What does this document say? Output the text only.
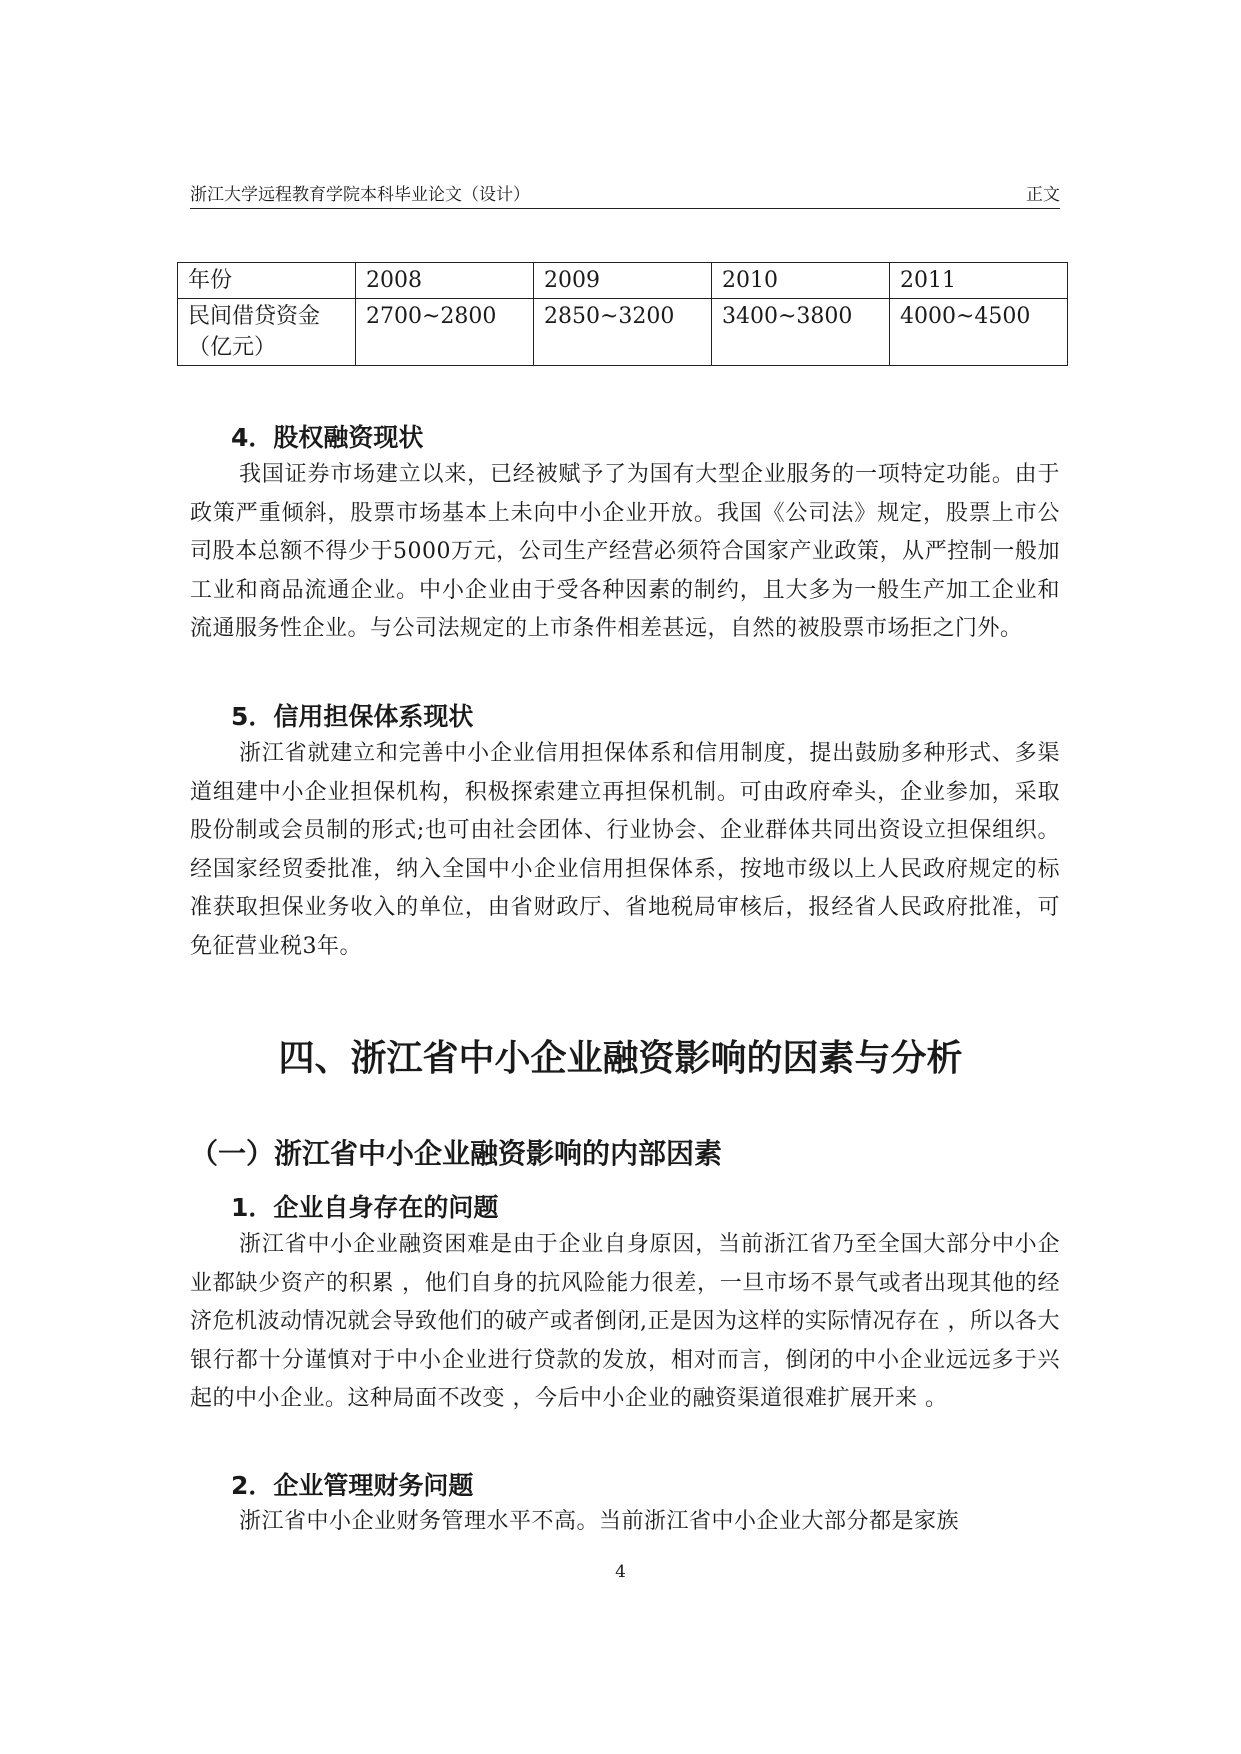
浙江大学远程教育学院本科毕业论文（设计）	正文
年份	2008	2009	2010	2011
民间借贷资金（亿元）	2700~2800	2850~3200	3400~3800	4000~4500
4．股权融资现状
我国证券市场建立以来，已经被赋予了为国有大型企业服务的一项特定功能。由于政策严重倾斜，股票市场基本上未向中小企业开放。我国《公司法》规定，股票上市公司股本总额不得少于5000万元，公司生产经营必须符合国家产业政策，从严控制一般加工业和商品流通企业。中小企业由于受各种因素的制约，且大多为一般生产加工企业和流通服务性企业。与公司法规定的上市条件相差甚远，自然的被股票市场拒之门外。
5．信用担保体系现状
浙江省就建立和完善中小企业信用担保体系和信用制度，提出鼓励多种形式、多渠道组建中小企业担保机构，积极探索建立再担保机制。可由政府牵头，企业参加，采取股份制或会员制的形式;也可由社会团体、行业协会、企业群体共同出资设立担保组织。经国家经贸委批准，纳入全国中小企业信用担保体系，按地市级以上人民政府规定的标准获取担保业务收入的单位，由省财政厅、省地税局审核后，报经省人民政府批准，可免征营业税3年。
四、浙江省中小企业融资影响的因素与分析
（一）浙江省中小企业融资影响的内部因素
1．企业自身存在的问题
浙江省中小企业融资困难是由于企业自身原因，当前浙江省乃至全国大部分中小企业都缺少资产的积累 ，他们自身的抗风险能力很差，一旦市场不景气或者出现其他的经济危机波动情况就会导致他们的破产或者倒闭,正是因为这样的实际情况存在 ，所以各大银行都十分谨慎对于中小企业进行贷款的发放，相对而言，倒闭的中小企业远远多于兴起的中小企业。这种局面不改变 ，今后中小企业的融资渠道很难扩展开来 。
2．企业管理财务问题
浙江省中小企业财务管理水平不高。当前浙江省中小企业大部分都是家族
4
